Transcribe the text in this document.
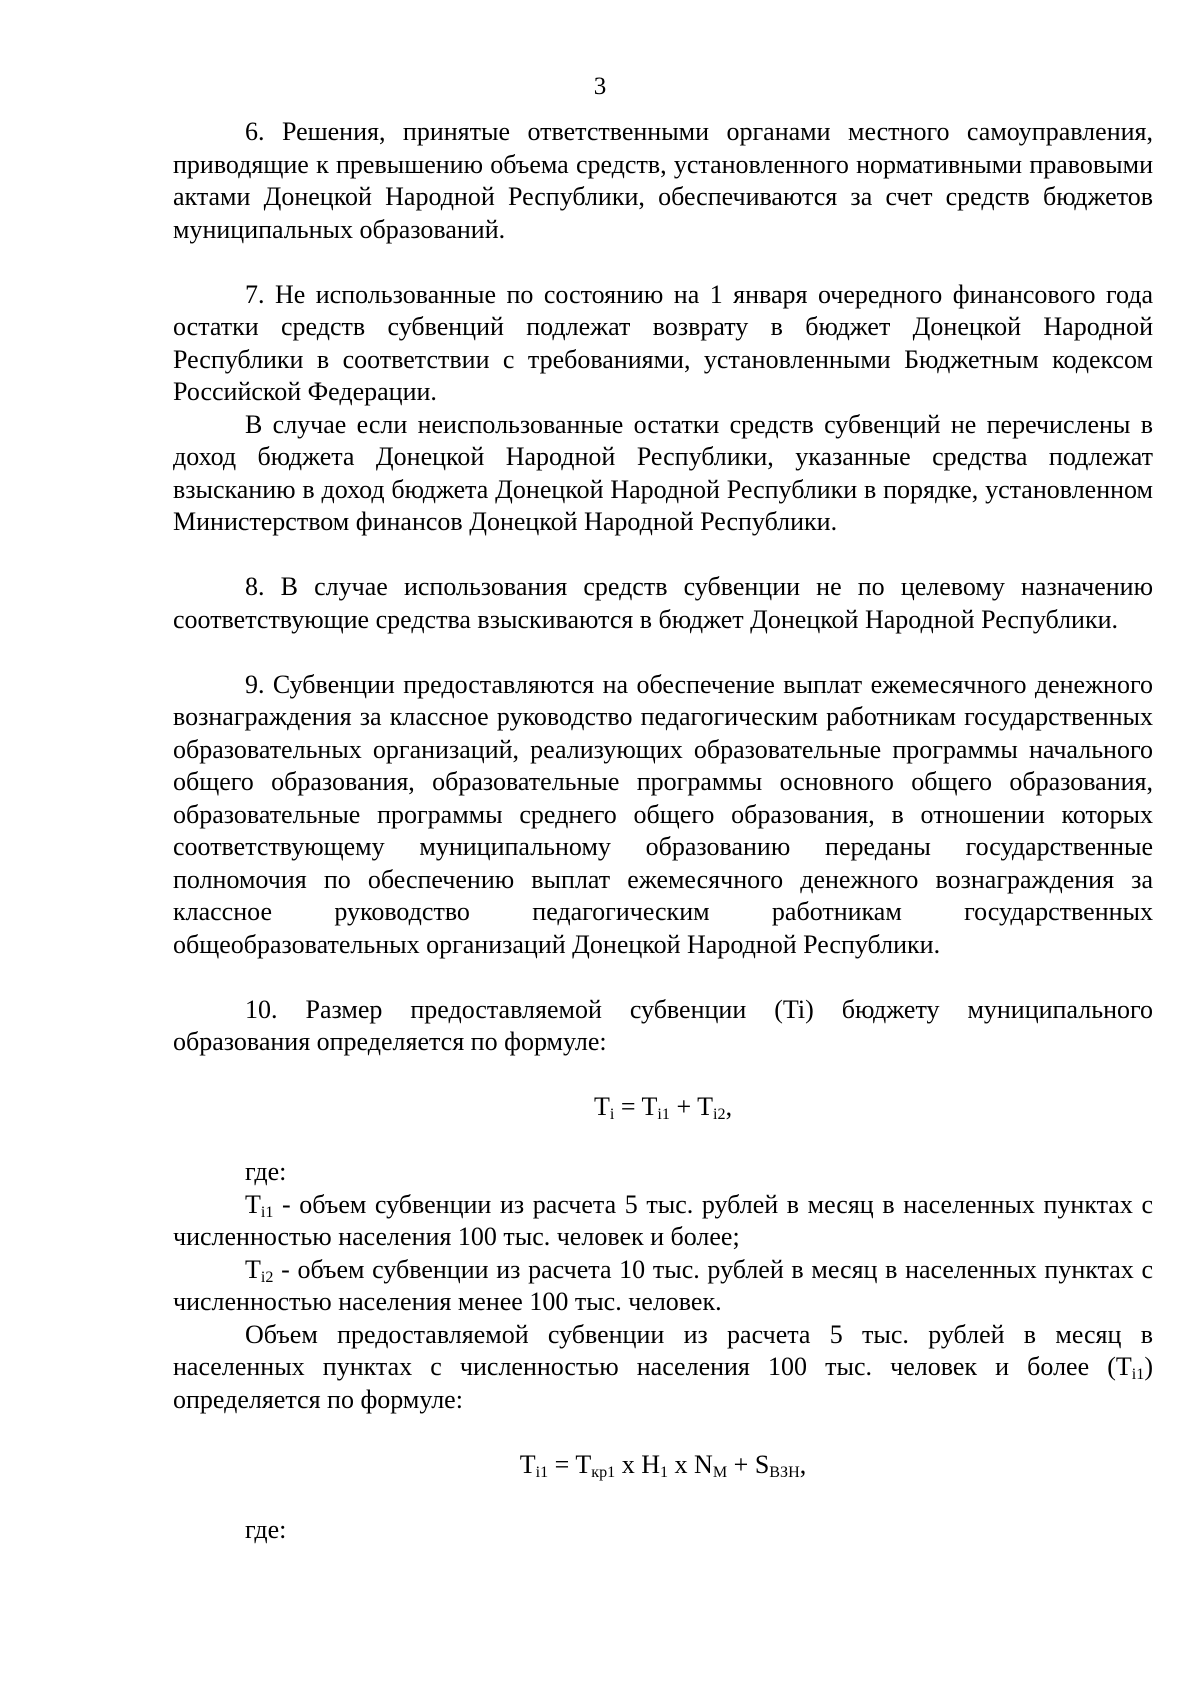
3

6. Решения, принятые ответственными органами местного самоуправления, приводящие к превышению объема средств, установленного нормативными правовыми актами Донецкой Народной Республики, обеспечиваются за счет средств бюджетов муниципальных образований.

7. Не использованные по состоянию на 1 января очередного финансового года остатки средств субвенций подлежат возврату в бюджет Донецкой Народной Республики в соответствии с требованиями, установленными Бюджетным кодексом Российской Федерации.

В случае если неиспользованные остатки средств субвенций не перечислены в доход бюджета Донецкой Народной Республики, указанные средства подлежат взысканию в доход бюджета Донецкой Народной Республики в порядке, установленном Министерством финансов Донецкой Народной Республики.

8. В случае использования средств субвенции не по целевому назначению соответствующие средства взыскиваются в бюджет Донецкой Народной Республики.

9. Субвенции предоставляются на обеспечение выплат ежемесячного денежного вознаграждения за классное руководство педагогическим работникам государственных образовательных организаций, реализующих образовательные программы начального общего образования, образовательные программы основного общего образования, образовательные программы среднего общего образования, в отношении которых соответствующему муниципальному образованию переданы государственные полномочия по обеспечению выплат ежемесячного денежного вознаграждения за классное руководство педагогическим работникам государственных общеобразовательных организаций Донецкой Народной Республики.

10. Размер предоставляемой субвенции (Ti) бюджету муниципального образования определяется по формуле:

$T_i = T_{i1} + T_{i2}$,

где:

$T_{i1}$ - объем субвенции из расчета 5 тыс. рублей в месяц в населенных пунктах с численностью населения 100 тыс. человек и более;

$T_{i2}$ - объем субвенции из расчета 10 тыс. рублей в месяц в населенных пунктах с численностью населения менее 100 тыс. человек.

Объем предоставляемой субвенции из расчета 5 тыс. рублей в месяц в населенных пунктах с численностью населения 100 тыс. человек и более $(T_{i1})$ определяется по формуле:

$T_{i1} = T_{кр1}$ х $Н_1$ х $N_М + S_{ВЗН}$,

где:
